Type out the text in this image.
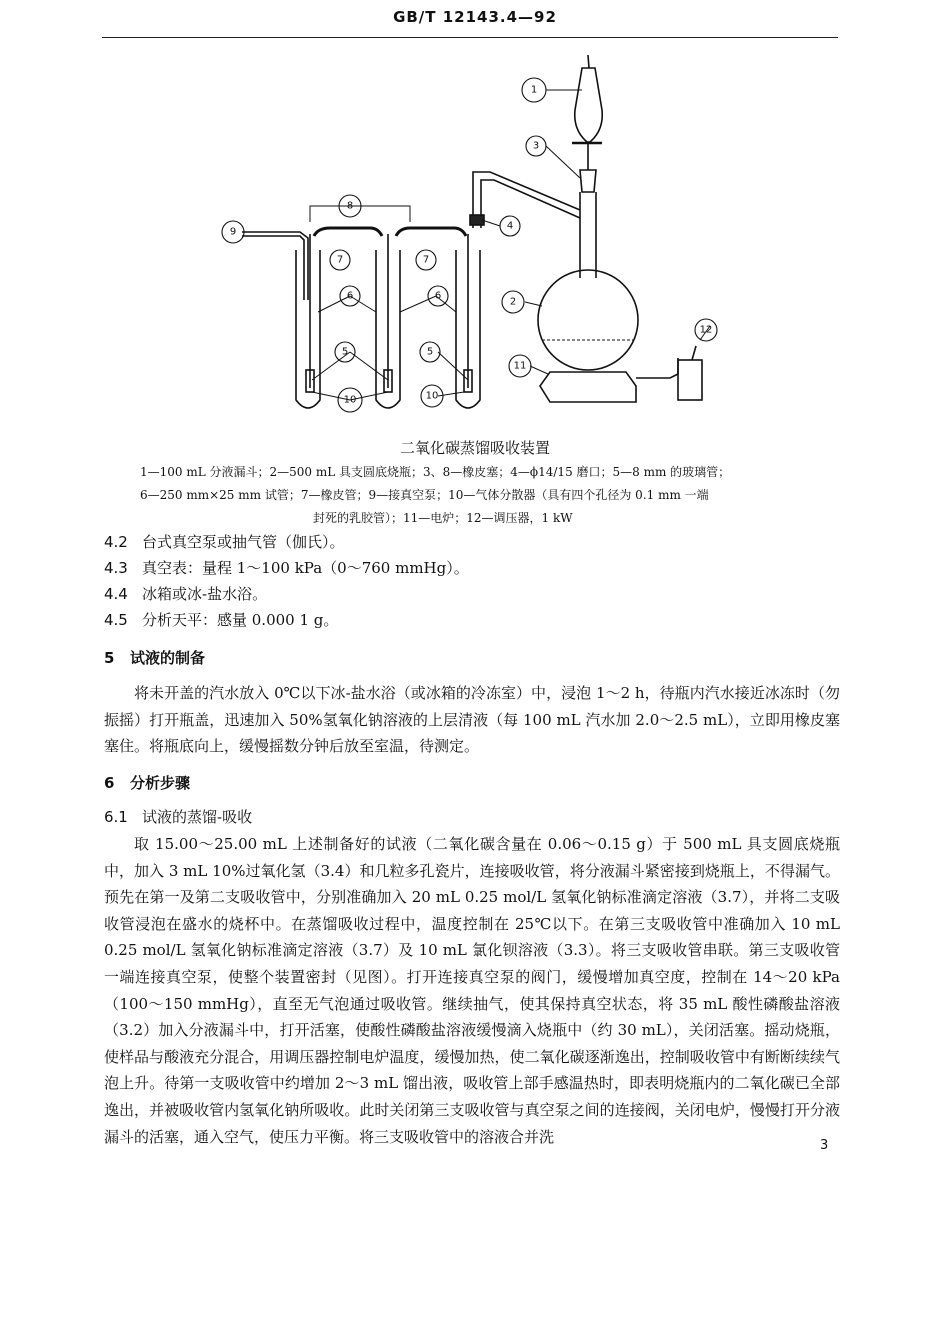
GB/T 12143.4—92
1
2
3
4
5	5
6	6
7	7
8
9
10	10
11
12
二氧化碳蒸馏吸收装置
1—100 mL 分液漏斗；2—500 mL 具支圆底烧瓶；3、8—橡皮塞；4—ϕ14/15 磨口；5—8 mm 的玻璃管；
6—250 mm×25 mm 试管；7—橡皮管；9—接真空泵；10—气体分散器（具有四个孔径为 0.1 mm 一端
封死的乳胶管）；11—电炉；12—调压器，1 kW
4.2 台式真空泵或抽气管（伽氏）。
4.3 真空表：量程 1～100 kPa（0～760 mmHg）。
4.4 冰箱或冰-盐水浴。
4.5 分析天平：感量 0.000 1 g。
5 试液的制备

将未开盖的汽水放入 0℃以下冰-盐水浴（或冰箱的冷冻室）中，浸泡 1～2 h，待瓶内汽水接近冰冻时（勿振摇）打开瓶盖，迅速加入 50%氢氧化钠溶液的上层清液（每 100 mL 汽水加 2.0～2.5 mL），立即用橡皮塞塞住。将瓶底向上，缓慢摇数分钟后放至室温，待测定。

6 分析步骤
6.1 试液的蒸馏-吸收

取 15.00～25.00 mL 上述制备好的试液（二氧化碳含量在 0.06～0.15 g）于 500 mL 具支圆底烧瓶中，加入 3 mL 10%过氧化氢（3.4）和几粒多孔瓷片，连接吸收管，将分液漏斗紧密接到烧瓶上，不得漏气。预先在第一及第二支吸收管中，分别准确加入 20 mL 0.25 mol/L 氢氧化钠标准滴定溶液（3.7），并将二支吸收管浸泡在盛水的烧杯中。在蒸馏吸收过程中，温度控制在 25℃以下。在第三支吸收管中准确加入 10 mL 0.25 mol/L 氢氧化钠标准滴定溶液（3.7）及 10 mL 氯化钡溶液（3.3）。将三支吸收管串联。第三支吸收管一端连接真空泵，使整个装置密封（见图）。打开连接真空泵的阀门，缓慢增加真空度，控制在 14～20 kPa（100～150 mmHg），直至无气泡通过吸收管。继续抽气，使其保持真空状态，将 35 mL 酸性磷酸盐溶液（3.2）加入分液漏斗中，打开活塞，使酸性磷酸盐溶液缓慢滴入烧瓶中（约 30 mL），关闭活塞。摇动烧瓶，使样品与酸液充分混合，用调压器控制电炉温度，缓慢加热，使二氧化碳逐渐逸出，控制吸收管中有断断续续气泡上升。待第一支吸收管中约增加 2～3 mL 馏出液，吸收管上部手感温热时，即表明烧瓶内的二氧化碳已全部逸出，并被吸收管内氢氧化钠所吸收。此时关闭第三支吸收管与真空泵之间的连接阀，关闭电炉，慢慢打开分液漏斗的活塞，通入空气，使压力平衡。将三支吸收管中的溶液合并洗	3
